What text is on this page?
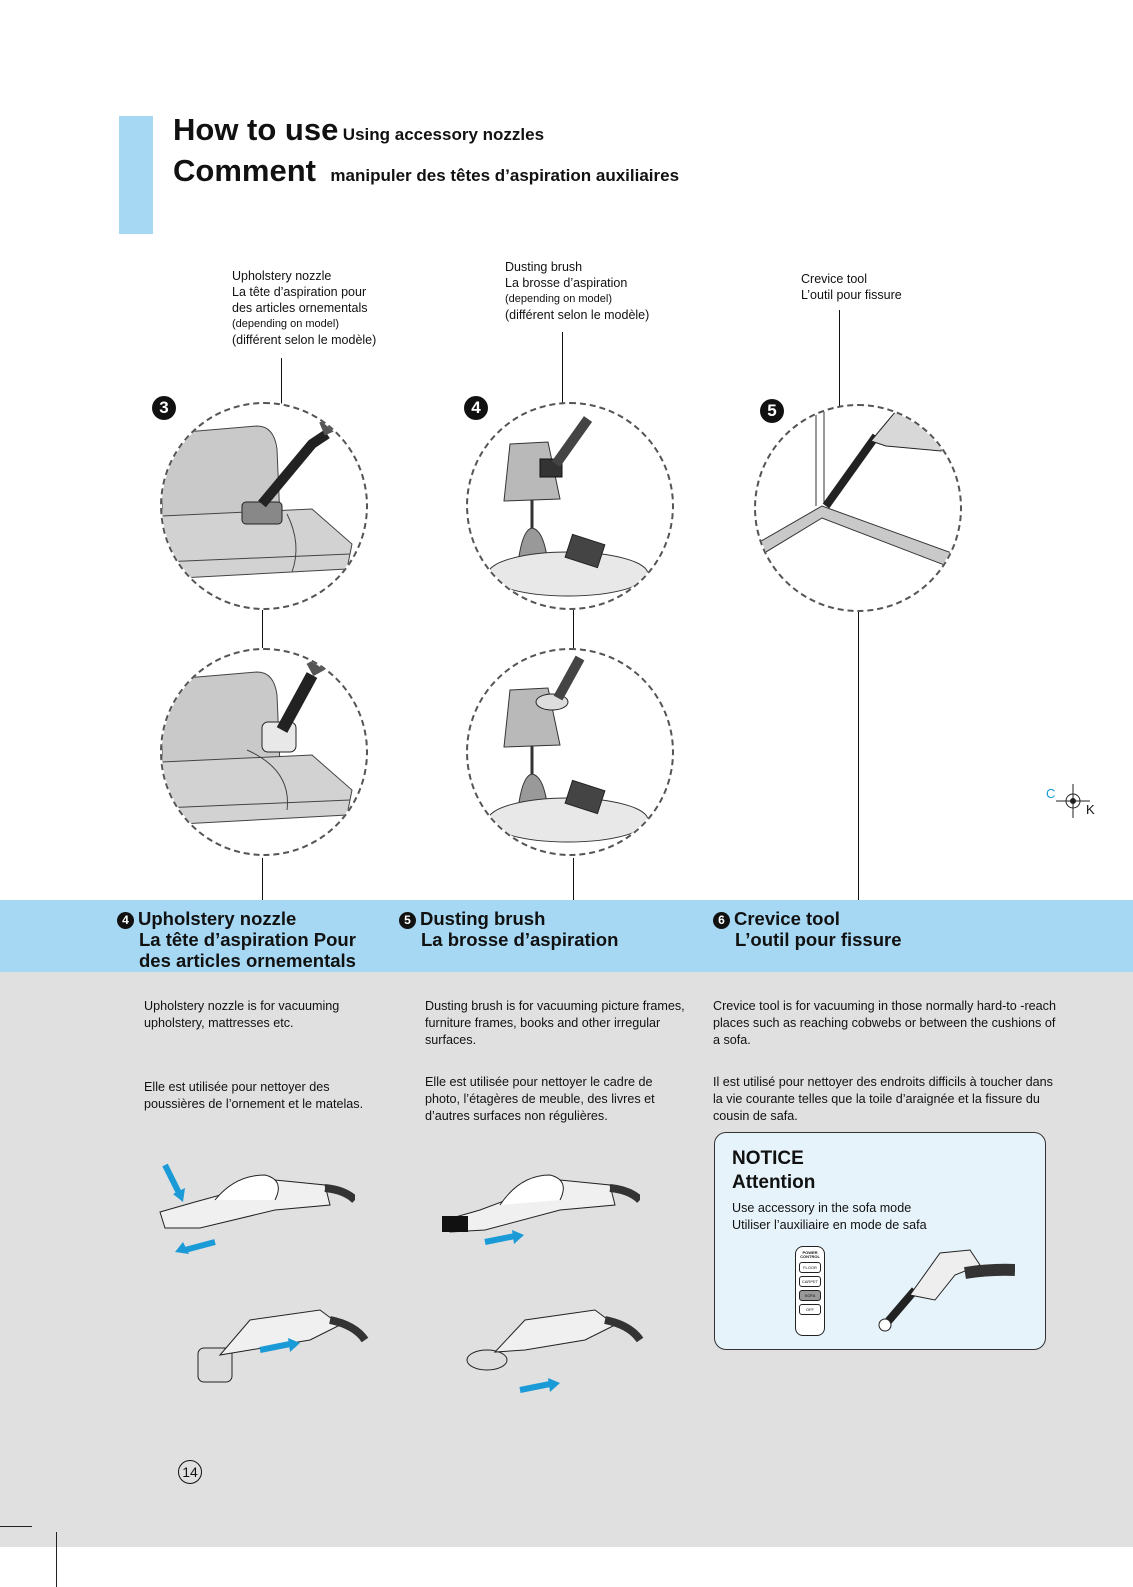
How to use Using accessory nozzles
Comment manipuler des têtes d’aspiration auxiliaires
Upholstery nozzle
La tête d’aspiration pour
des articles ornementals
(depending on model)
(différent selon le modèle)
Dusting brush
La brosse d’aspiration
(depending on model)
(différent selon le modèle)
Crevice tool
L’outil pour fissure
3	4	5
4 Upholstery nozzle
La tête d’aspiration Pour
des articles ornementals
5 Dusting brush
La brosse d’aspiration
6 Crevice tool
L’outil pour fissure
Upholstery nozzle is for vacuuming upholstery, mattresses etc.
Elle est utilisée pour nettoyer des poussières de l’ornement et le matelas.
Dusting brush is for vacuuming picture frames, furniture frames, books and other irregular surfaces.
Elle est utilisée pour nettoyer le cadre de photo, l’étagères de meuble, des livres et d’autres surfaces non régulières.
Crevice tool is for vacuuming in those normally hard-to -reach places such as reaching cobwebs or between the cushions of a sofa.
Il est utilisé pour nettoyer des endroits difficils à toucher dans la vie courante telles que la toile d’araignée et la fissure du cousin de safa.
NOTICE
Attention
Use accessory in the sofa mode
Utiliser l’auxiliaire en mode de safa
POWER CONTROL
FLOOR
CARPET
SOFA
OFF
14
C
K
